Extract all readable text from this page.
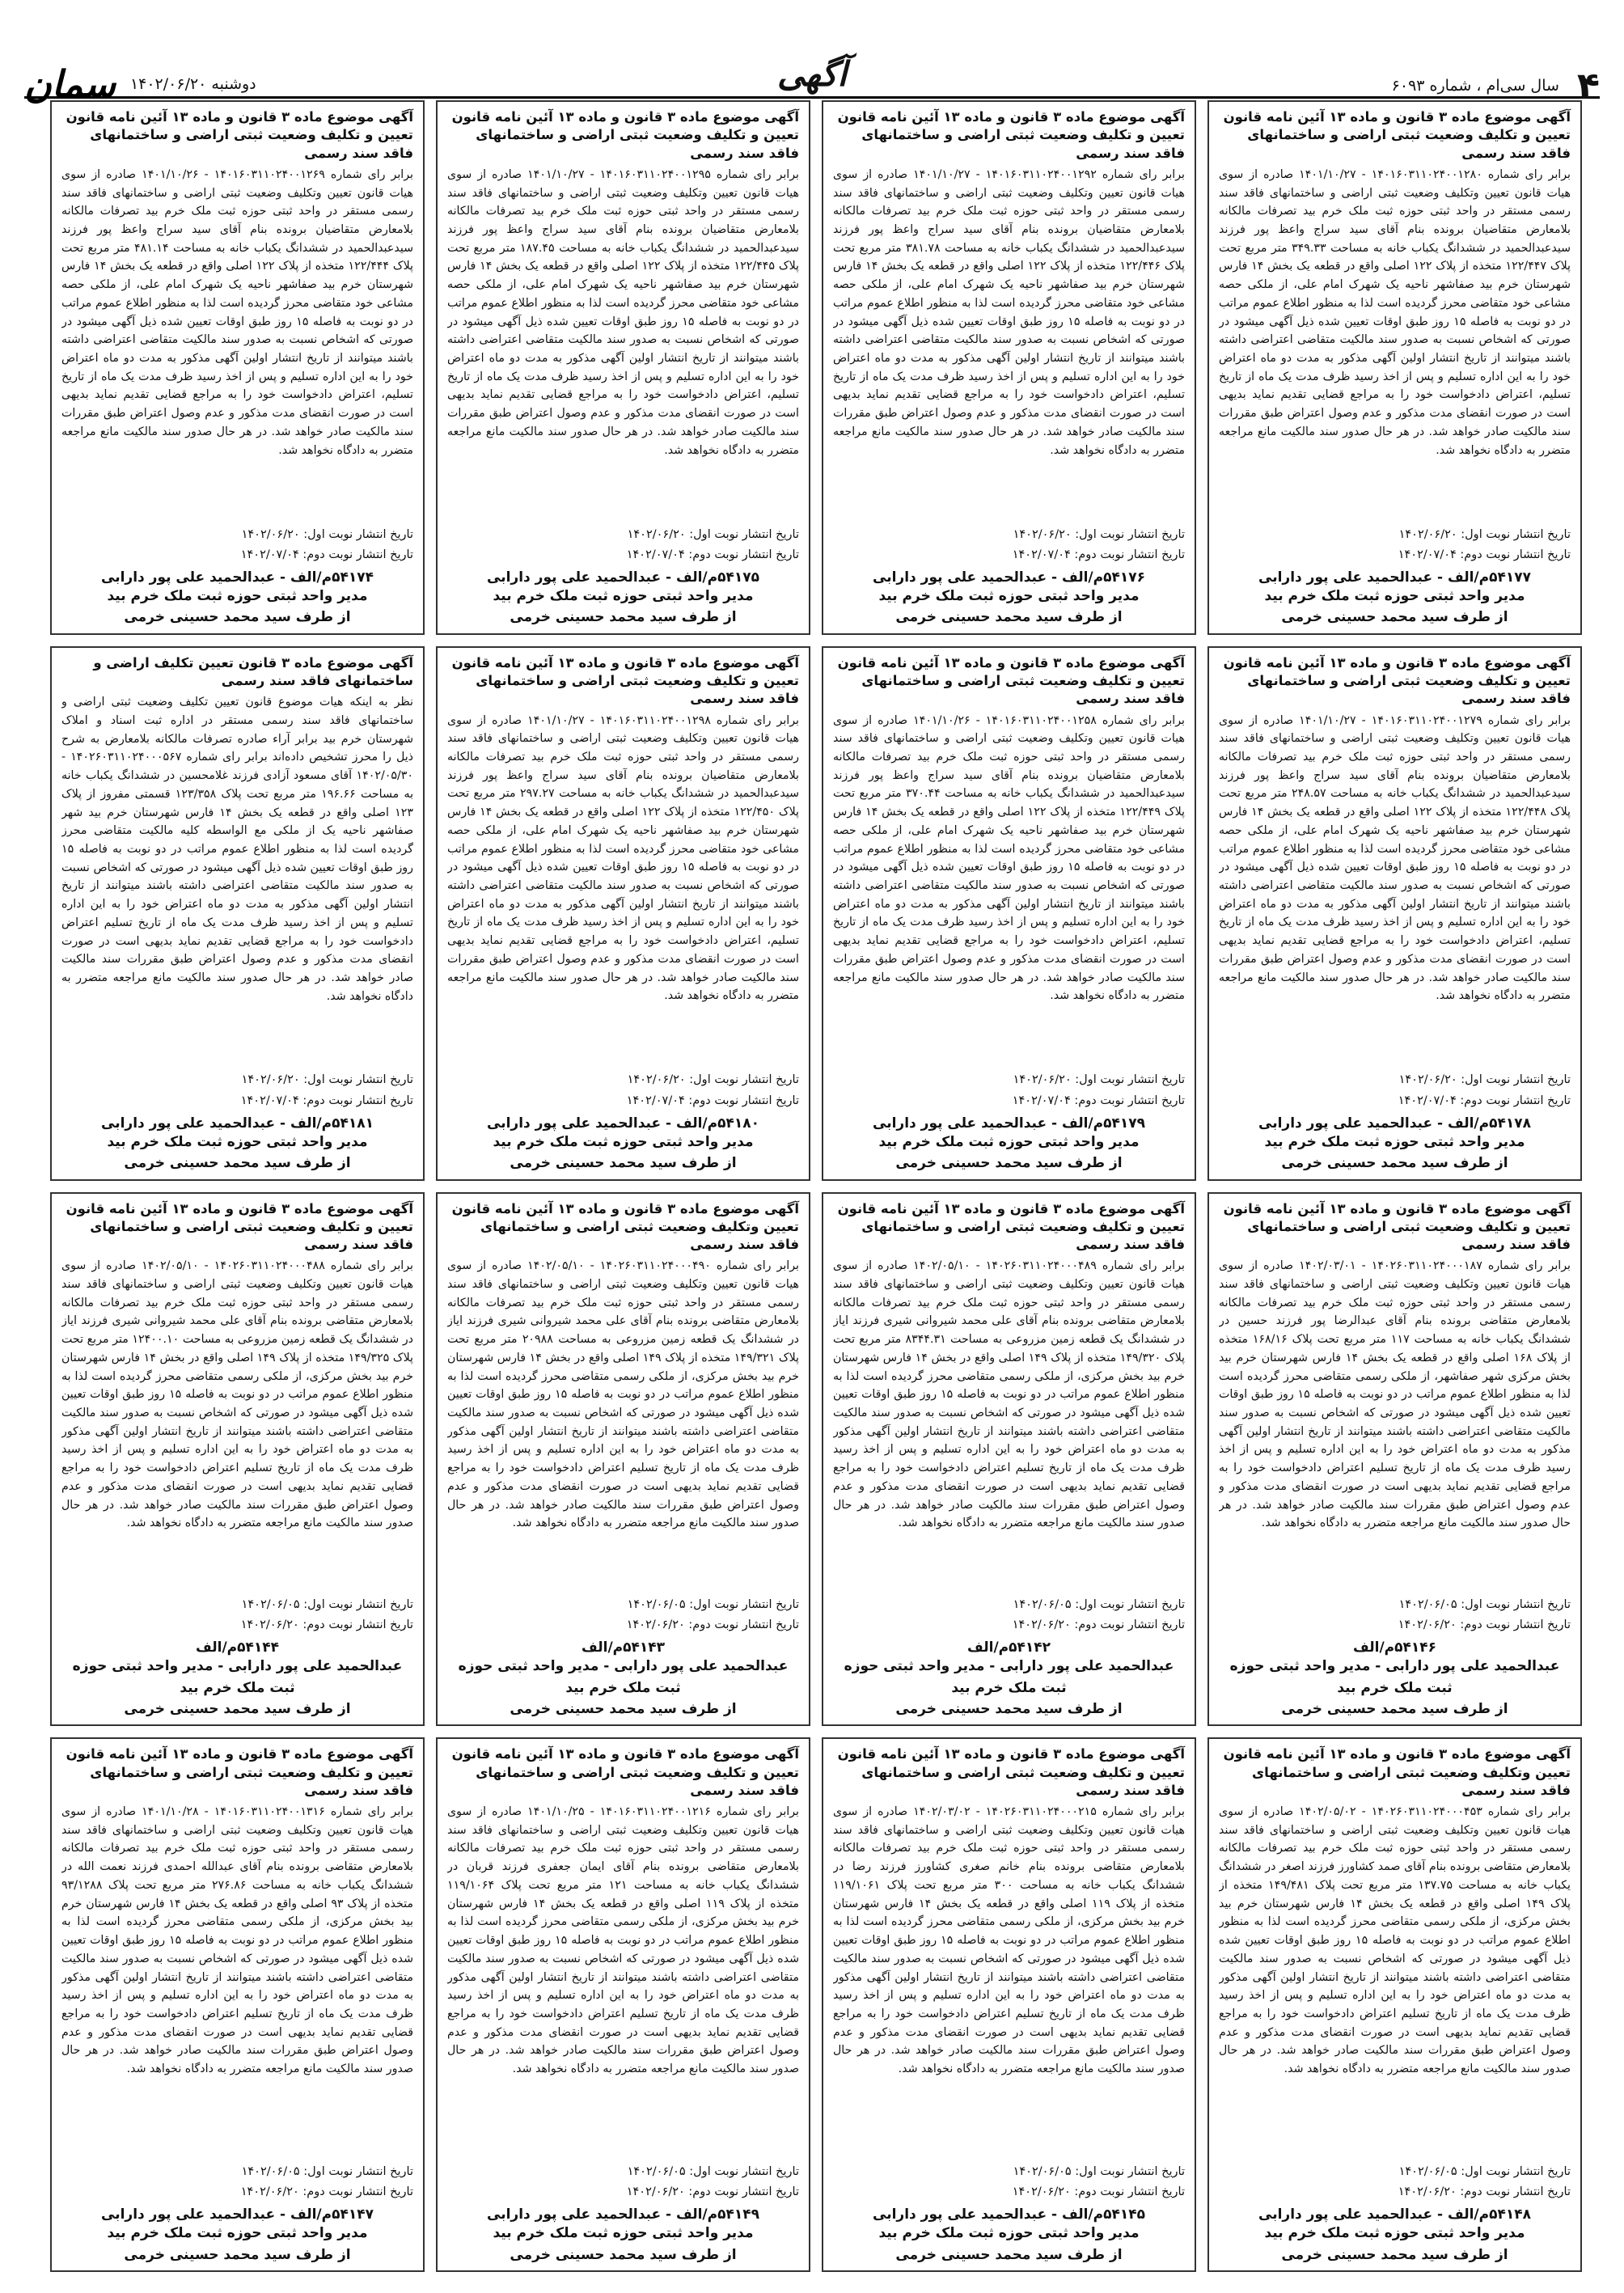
سمان دوشنبه ۱۴۰۲/۰۶/۲۰	آگهی	۴
سال سی‌ام ، شماره ۶۰۹۳
آگهی موضوع ماده ۳ قانون و ماده ۱۳ آئین نامه قانون تعیین و تکلیف وضعیت ثبتی اراضی و ساختمانهای فاقد سند رسمی
برابر رای شماره ۱۴۰۱۶۰۳۱۱۰۲۴۰۰۱۲۸۰ - ۱۴۰۱/۱۰/۲۷ صادره از سوی هیات قانون تعیین وتکلیف وضعیت ثبتی اراضی و ساختمانهای فاقد سند رسمی مستقر در واحد ثبتی حوزه ثبت ملک خرم بید تصرفات مالکانه بلامعارض متقاضیان برونده بنام آقای سید سراج واعظ پور فرزند سیدعبدالحمید در ششدانگ یکباب خانه به مساحت ۳۴۹.۳۳ متر مربع تحت پلاک ۱۲۲/۴۴۷ متخذه از پلاک ۱۲۲ اصلی واقع در قطعه یک بخش ۱۴ فارس شهرستان خرم بید صفاشهر ناحیه یک شهرک امام علی، از ملکی حصه مشاعی خود متقاضی محرز گردیده است لذا به منظور اطلاع عموم مراتب در دو نوبت به فاصله ۱۵ روز طبق اوقات تعیین شده ذیل آگهی میشود در صورتی که اشخاص نسبت به صدور سند مالکیت متقاضی اعتراضی داشته باشند میتوانند از تاریخ انتشار اولین آگهی مذکور به مدت دو ماه اعتراض خود را به این اداره تسلیم و پس از اخذ رسید ظرف مدت یک ماه از تاریخ تسلیم، اعتراض دادخواست خود را به مراجع قضایی تقدیم نماید بدیهی است در صورت انقضای مدت مذکور و عدم وصول اعتراض طبق مقررات سند مالکیت صادر خواهد شد. در هر حال صدور سند مالکیت مانع مراجعه متضرر به دادگاه نخواهد شد.
تاریخ انتشار نوبت اول: ۱۴۰۲/۰۶/۲۰
تاریخ انتشار نوبت دوم: ۱۴۰۲/۰۷/۰۴
۵۴۱۷۷م/الف - عبدالحمید علی پور دارابی
مدیر واحد ثبتی حوزه ثبت ملک خرم بید
از طرف سید محمد حسینی خرمی
آگهی موضوع ماده ۳ قانون و ماده ۱۳ آئین نامه قانون تعیین و تکلیف وضعیت ثبتی اراضی و ساختمانهای فاقد سند رسمی
برابر رای شماره ۱۴۰۱۶۰۳۱۱۰۲۴۰۰۱۲۹۲ - ۱۴۰۱/۱۰/۲۷ صادره از سوی هیات قانون تعیین وتکلیف وضعیت ثبتی اراضی و ساختمانهای فاقد سند رسمی مستقر در واحد ثبتی حوزه ثبت ملک خرم بید تصرفات مالکانه بلامعارض متقاضیان برونده بنام آقای سید سراج واعظ پور فرزند سیدعبدالحمید در ششدانگ یکباب خانه به مساحت ۳۸۱.۷۸ متر مربع تحت پلاک ۱۲۲/۴۴۶ متخذه از پلاک ۱۲۲ اصلی واقع در قطعه یک بخش ۱۴ فارس شهرستان خرم بید صفاشهر ناحیه یک شهرک امام علی، از ملکی حصه مشاعی خود متقاضی محرز گردیده است لذا به منظور اطلاع عموم مراتب در دو نوبت به فاصله ۱۵ روز طبق اوقات تعیین شده ذیل آگهی میشود در صورتی که اشخاص نسبت به صدور سند مالکیت متقاضی اعتراضی داشته باشند میتوانند از تاریخ انتشار اولین آگهی مذکور به مدت دو ماه اعتراض خود را به این اداره تسلیم و پس از اخذ رسید ظرف مدت یک ماه از تاریخ تسلیم، اعتراض دادخواست خود را به مراجع قضایی تقدیم نماید بدیهی است در صورت انقضای مدت مذکور و عدم وصول اعتراض طبق مقررات سند مالکیت صادر خواهد شد. در هر حال صدور سند مالکیت مانع مراجعه متضرر به دادگاه نخواهد شد.
تاریخ انتشار نوبت اول: ۱۴۰۲/۰۶/۲۰
تاریخ انتشار نوبت دوم: ۱۴۰۲/۰۷/۰۴
۵۴۱۷۶م/الف - عبدالحمید علی پور دارابی
مدیر واحد ثبتی حوزه ثبت ملک خرم بید
از طرف سید محمد حسینی خرمی
آگهی موضوع ماده ۳ قانون و ماده ۱۳ آئین نامه قانون تعیین و تکلیف وضعیت ثبتی اراضی و ساختمانهای فاقد سند رسمی
برابر رای شماره ۱۴۰۱۶۰۳۱۱۰۲۴۰۰۱۲۹۵ - ۱۴۰۱/۱۰/۲۷ صادره از سوی هیات قانون تعیین وتکلیف وضعیت ثبتی اراضی و ساختمانهای فاقد سند رسمی مستقر در واحد ثبتی حوزه ثبت ملک خرم بید تصرفات مالکانه بلامعارض متقاضیان برونده بنام آقای سید سراج واعظ پور فرزند سیدعبدالحمید در ششدانگ یکباب خانه به مساحت ۱۸۷.۴۵ متر مربع تحت پلاک ۱۲۲/۴۴۵ متخذه از پلاک ۱۲۲ اصلی واقع در قطعه یک بخش ۱۴ فارس شهرستان خرم بید صفاشهر ناحیه یک شهرک امام علی، از ملکی حصه مشاعی خود متقاضی محرز گردیده است لذا به منظور اطلاع عموم مراتب در دو نوبت به فاصله ۱۵ روز طبق اوقات تعیین شده ذیل آگهی میشود در صورتی که اشخاص نسبت به صدور سند مالکیت متقاضی اعتراضی داشته باشند میتوانند از تاریخ انتشار اولین آگهی مذکور به مدت دو ماه اعتراض خود را به این اداره تسلیم و پس از اخذ رسید ظرف مدت یک ماه از تاریخ تسلیم، اعتراض دادخواست خود را به مراجع قضایی تقدیم نماید بدیهی است در صورت انقضای مدت مذکور و عدم وصول اعتراض طبق مقررات سند مالکیت صادر خواهد شد. در هر حال صدور سند مالکیت مانع مراجعه متضرر به دادگاه نخواهد شد.
تاریخ انتشار نوبت اول: ۱۴۰۲/۰۶/۲۰
تاریخ انتشار نوبت دوم: ۱۴۰۲/۰۷/۰۴
۵۴۱۷۵م/الف - عبدالحمید علی پور دارابی
مدیر واحد ثبتی حوزه ثبت ملک خرم بید
از طرف سید محمد حسینی خرمی
آگهی موضوع ماده ۳ قانون و ماده ۱۳ آئین نامه قانون تعیین و تکلیف وضعیت ثبتی اراضی و ساختمانهای فاقد سند رسمی
برابر رای شماره ۱۴۰۱۶۰۳۱۱۰۲۴۰۰۱۲۶۹ - ۱۴۰۱/۱۰/۲۶ صادره از سوی هیات قانون تعیین وتکلیف وضعیت ثبتی اراضی و ساختمانهای فاقد سند رسمی مستقر در واحد ثبتی حوزه ثبت ملک خرم بید تصرفات مالکانه بلامعارض متقاضیان برونده بنام آقای سید سراج واعظ پور فرزند سیدعبدالحمید در ششدانگ یکباب خانه به مساحت ۴۸۱.۱۴ متر مربع تحت پلاک ۱۲۲/۴۴۴ متخذه از پلاک ۱۲۲ اصلی واقع در قطعه یک بخش ۱۴ فارس شهرستان خرم بید صفاشهر ناحیه یک شهرک امام علی، از ملکی حصه مشاعی خود متقاضی محرز گردیده است لذا به منظور اطلاع عموم مراتب در دو نوبت به فاصله ۱۵ روز طبق اوقات تعیین شده ذیل آگهی میشود در صورتی که اشخاص نسبت به صدور سند مالکیت متقاضی اعتراضی داشته باشند میتوانند از تاریخ انتشار اولین آگهی مذکور به مدت دو ماه اعتراض خود را به این اداره تسلیم و پس از اخذ رسید ظرف مدت یک ماه از تاریخ تسلیم، اعتراض دادخواست خود را به مراجع قضایی تقدیم نماید بدیهی است در صورت انقضای مدت مذکور و عدم وصول اعتراض طبق مقررات سند مالکیت صادر خواهد شد. در هر حال صدور سند مالکیت مانع مراجعه متضرر به دادگاه نخواهد شد.
تاریخ انتشار نوبت اول: ۱۴۰۲/۰۶/۲۰
تاریخ انتشار نوبت دوم: ۱۴۰۲/۰۷/۰۴
۵۴۱۷۴م/الف - عبدالحمید علی پور دارابی
مدیر واحد ثبتی حوزه ثبت ملک خرم بید
از طرف سید محمد حسینی خرمی
آگهی موضوع ماده ۳ قانون و ماده ۱۳ آئین نامه قانون تعیین و تکلیف وضعیت ثبتی اراضی و ساختمانهای فاقد سند رسمی
برابر رای شماره ۱۴۰۱۶۰۳۱۱۰۲۴۰۰۱۲۷۹ - ۱۴۰۱/۱۰/۲۷ صادره از سوی هیات قانون تعیین وتکلیف وضعیت ثبتی اراضی و ساختمانهای فاقد سند رسمی مستقر در واحد ثبتی حوزه ثبت ملک خرم بید تصرفات مالکانه بلامعارض متقاضیان برونده بنام آقای سید سراج واعظ پور فرزند سیدعبدالحمید در ششدانگ یکباب خانه به مساحت ۲۴۸.۵۷ متر مربع تحت پلاک ۱۲۲/۴۴۸ متخذه از پلاک ۱۲۲ اصلی واقع در قطعه یک بخش ۱۴ فارس شهرستان خرم بید صفاشهر ناحیه یک شهرک امام علی، از ملکی حصه مشاعی خود متقاضی محرز گردیده است لذا به منظور اطلاع عموم مراتب در دو نوبت به فاصله ۱۵ روز طبق اوقات تعیین شده ذیل آگهی میشود در صورتی که اشخاص نسبت به صدور سند مالکیت متقاضی اعتراضی داشته باشند میتوانند از تاریخ انتشار اولین آگهی مذکور به مدت دو ماه اعتراض خود را به این اداره تسلیم و پس از اخذ رسید ظرف مدت یک ماه از تاریخ تسلیم، اعتراض دادخواست خود را به مراجع قضایی تقدیم نماید بدیهی است در صورت انقضای مدت مذکور و عدم وصول اعتراض طبق مقررات سند مالکیت صادر خواهد شد. در هر حال صدور سند مالکیت مانع مراجعه متضرر به دادگاه نخواهد شد.
تاریخ انتشار نوبت اول: ۱۴۰۲/۰۶/۲۰
تاریخ انتشار نوبت دوم: ۱۴۰۲/۰۷/۰۴
۵۴۱۷۸م/الف - عبدالحمید علی پور دارابی
مدیر واحد ثبتی حوزه ثبت ملک خرم بید
از طرف سید محمد حسینی خرمی
آگهی موضوع ماده ۳ قانون و ماده ۱۳ آئین نامه قانون تعیین و تکلیف وضعیت ثبتی اراضی و ساختمانهای فاقد سند رسمی
برابر رای شماره ۱۴۰۱۶۰۳۱۱۰۲۴۰۰۱۲۵۸ - ۱۴۰۱/۱۰/۲۶ صادره از سوی هیات قانون تعیین وتکلیف وضعیت ثبتی اراضی و ساختمانهای فاقد سند رسمی مستقر در واحد ثبتی حوزه ثبت ملک خرم بید تصرفات مالکانه بلامعارض متقاضیان برونده بنام آقای سید سراج واعظ پور فرزند سیدعبدالحمید در ششدانگ یکباب خانه به مساحت ۳۷۰.۴۴ متر مربع تحت پلاک ۱۲۲/۴۴۹ متخذه از پلاک ۱۲۲ اصلی واقع در قطعه یک بخش ۱۴ فارس شهرستان خرم بید صفاشهر ناحیه یک شهرک امام علی، از ملکی حصه مشاعی خود متقاضی محرز گردیده است لذا به منظور اطلاع عموم مراتب در دو نوبت به فاصله ۱۵ روز طبق اوقات تعیین شده ذیل آگهی میشود در صورتی که اشخاص نسبت به صدور سند مالکیت متقاضی اعتراضی داشته باشند میتوانند از تاریخ انتشار اولین آگهی مذکور به مدت دو ماه اعتراض خود را به این اداره تسلیم و پس از اخذ رسید ظرف مدت یک ماه از تاریخ تسلیم، اعتراض دادخواست خود را به مراجع قضایی تقدیم نماید بدیهی است در صورت انقضای مدت مذکور و عدم وصول اعتراض طبق مقررات سند مالکیت صادر خواهد شد. در هر حال صدور سند مالکیت مانع مراجعه متضرر به دادگاه نخواهد شد.
تاریخ انتشار نوبت اول: ۱۴۰۲/۰۶/۲۰
تاریخ انتشار نوبت دوم: ۱۴۰۲/۰۷/۰۴
۵۴۱۷۹م/الف - عبدالحمید علی پور دارابی
مدیر واحد ثبتی حوزه ثبت ملک خرم بید
از طرف سید محمد حسینی خرمی
آگهی موضوع ماده ۳ قانون و ماده ۱۳ آئین نامه قانون تعیین و تکلیف وضعیت ثبتی اراضی و ساختمانهای فاقد سند رسمی
برابر رای شماره ۱۴۰۱۶۰۳۱۱۰۲۴۰۰۱۲۹۸ - ۱۴۰۱/۱۰/۲۷ صادره از سوی هیات قانون تعیین وتکلیف وضعیت ثبتی اراضی و ساختمانهای فاقد سند رسمی مستقر در واحد ثبتی حوزه ثبت ملک خرم بید تصرفات مالکانه بلامعارض متقاضیان برونده بنام آقای سید سراج واعظ پور فرزند سیدعبدالحمید در ششدانگ یکباب خانه به مساحت ۲۹۷.۲۷ متر مربع تحت پلاک ۱۲۲/۴۵۰ متخذه از پلاک ۱۲۲ اصلی واقع در قطعه یک بخش ۱۴ فارس شهرستان خرم بید صفاشهر ناحیه یک شهرک امام علی، از ملکی حصه مشاعی خود متقاضی محرز گردیده است لذا به منظور اطلاع عموم مراتب در دو نوبت به فاصله ۱۵ روز طبق اوقات تعیین شده ذیل آگهی میشود در صورتی که اشخاص نسبت به صدور سند مالکیت متقاضی اعتراضی داشته باشند میتوانند از تاریخ انتشار اولین آگهی مذکور به مدت دو ماه اعتراض خود را به این اداره تسلیم و پس از اخذ رسید ظرف مدت یک ماه از تاریخ تسلیم، اعتراض دادخواست خود را به مراجع قضایی تقدیم نماید بدیهی است در صورت انقضای مدت مذکور و عدم وصول اعتراض طبق مقررات سند مالکیت صادر خواهد شد. در هر حال صدور سند مالکیت مانع مراجعه متضرر به دادگاه نخواهد شد.
تاریخ انتشار نوبت اول: ۱۴۰۲/۰۶/۲۰
تاریخ انتشار نوبت دوم: ۱۴۰۲/۰۷/۰۴
۵۴۱۸۰م/الف - عبدالحمید علی پور دارابی
مدیر واحد ثبتی حوزه ثبت ملک خرم بید
از طرف سید محمد حسینی خرمی
آگهی موضوع ماده ۳ قانون تعیین تکلیف اراضی و ساختمانهای فاقد سند رسمی
نظر به اینکه هیات موضوع قانون تعیین تکلیف وضعیت ثبتی اراضی و ساختمانهای فاقد سند رسمی مستقر در اداره ثبت اسناد و املاک شهرستان خرم بید برابر آراء صادره تصرفات مالکانه بلامعارض به شرح ذیل را محرز تشخیص داده‌اند برابر رای شماره ۱۴۰۲۶۰۳۱۱۰۲۴۰۰۰۵۶۷ - ۱۴۰۲/۰۵/۳۰ آقای مسعود آزادی فرزند غلامحسین در ششدانگ یکباب خانه به مساحت ۱۹۶.۶۶ متر مربع تحت پلاک ۱۲۳/۳۵۸ قسمتی مفروز از پلاک ۱۲۳ اصلی واقع در قطعه یک بخش ۱۴ فارس شهرستان خرم بید شهر صفاشهر ناحیه یک از ملکی مع الواسطه کلیه مالکیت متقاضی محرز گردیده است لذا به منظور اطلاع عموم مراتب در دو نوبت به فاصله ۱۵ روز طبق اوقات تعیین شده ذیل آگهی میشود در صورتی که اشخاص نسبت به صدور سند مالکیت متقاضی اعتراضی داشته باشند میتوانند از تاریخ انتشار اولین آگهی مذکور به مدت دو ماه اعتراض خود را به این اداره تسلیم و پس از اخذ رسید ظرف مدت یک ماه از تاریخ تسلیم اعتراض دادخواست خود را به مراجع قضایی تقدیم نماید بدیهی است در صورت انقضای مدت مذکور و عدم وصول اعتراض طبق مقررات سند مالکیت صادر خواهد شد. در هر حال صدور سند مالکیت مانع مراجعه متضرر به دادگاه نخواهد شد.
تاریخ انتشار نوبت اول: ۱۴۰۲/۰۶/۲۰
تاریخ انتشار نوبت دوم: ۱۴۰۲/۰۷/۰۴
۵۴۱۸۱م/الف - عبدالحمید علی پور دارابی
مدیر واحد ثبتی حوزه ثبت ملک خرم بید
از طرف سید محمد حسینی خرمی
آگهی موضوع ماده ۳ قانون و ماده ۱۳ آئین نامه قانون تعیین و تکلیف وضعیت ثبتی اراضی و ساختمانهای فاقد سند رسمی
برابر رای شماره ۱۴۰۲۶۰۳۱۱۰۲۴۰۰۰۱۸۷ - ۱۴۰۲/۰۳/۰۱ صادره از سوی هیات قانون تعیین وتکلیف وضعیت ثبتی اراضی و ساختمانهای فاقد سند رسمی مستقر در واحد ثبتی حوزه ثبت ملک خرم بید تصرفات مالکانه بلامعارض متقاضی برونده بنام آقای عبدالرضا پور فرزند حسین در ششدانگ یکباب خانه به مساحت ۱۱۷ متر مربع تحت پلاک ۱۶۸/۱۶ متخذه از پلاک ۱۶۸ اصلی واقع در قطعه یک بخش ۱۴ فارس شهرستان خرم بید بخش مرکزی شهر صفاشهر، از ملکی رسمی متقاضی محرز گردیده است لذا به منظور اطلاع عموم مراتب در دو نوبت به فاصله ۱۵ روز طبق اوقات تعیین شده ذیل آگهی میشود در صورتی که اشخاص نسبت به صدور سند مالکیت متقاضی اعتراضی داشته باشند میتوانند از تاریخ انتشار اولین آگهی مذکور به مدت دو ماه اعتراض خود را به این اداره تسلیم و پس از اخذ رسید ظرف مدت یک ماه از تاریخ تسلیم اعتراض دادخواست خود را به مراجع قضایی تقدیم نماید بدیهی است در صورت انقضای مدت مذکور و عدم وصول اعتراض طبق مقررات سند مالکیت صادر خواهد شد. در هر حال صدور سند مالکیت مانع مراجعه متضرر به دادگاه نخواهد شد.
تاریخ انتشار نوبت اول: ۱۴۰۲/۰۶/۰۵
تاریخ انتشار نوبت دوم: ۱۴۰۲/۰۶/۲۰
۵۴۱۴۶م/الف
عبدالحمید علی پور دارابی - مدیر واحد ثبتی حوزه ثبت ملک خرم بید
از طرف سید محمد حسینی خرمی
آگهی موضوع ماده ۳ قانون و ماده ۱۳ آئین نامه قانون تعیین و تکلیف وضعیت ثبتی اراضی و ساختمانهای فاقد سند رسمی
برابر رای شماره ۱۴۰۲۶۰۳۱۱۰۲۴۰۰۰۴۸۹ - ۱۴۰۲/۰۵/۱۰ صادره از سوی هیات قانون تعیین وتکلیف وضعیت ثبتی اراضی و ساختمانهای فاقد سند رسمی مستقر در واحد ثبتی حوزه ثبت ملک خرم بید تصرفات مالکانه بلامعارض متقاضی برونده بنام آقای علی محمد شیروانی شیری فرزند ایاز در ششدانگ یک قطعه زمین مزروعی به مساحت ۸۳۴۴.۳۱ متر مربع تحت پلاک ۱۴۹/۳۲۰ متخذه از پلاک ۱۴۹ اصلی واقع در بخش ۱۴ فارس شهرستان خرم بید بخش مرکزی، از ملکی رسمی متقاضی محرز گردیده است لذا به منظور اطلاع عموم مراتب در دو نوبت به فاصله ۱۵ روز طبق اوقات تعیین شده ذیل آگهی میشود در صورتی که اشخاص نسبت به صدور سند مالکیت متقاضی اعتراضی داشته باشند میتوانند از تاریخ انتشار اولین آگهی مذکور به مدت دو ماه اعتراض خود را به این اداره تسلیم و پس از اخذ رسید ظرف مدت یک ماه از تاریخ تسلیم اعتراض دادخواست خود را به مراجع قضایی تقدیم نماید بدیهی است در صورت انقضای مدت مذکور و عدم وصول اعتراض طبق مقررات سند مالکیت صادر خواهد شد. در هر حال صدور سند مالکیت مانع مراجعه متضرر به دادگاه نخواهد شد.
تاریخ انتشار نوبت اول: ۱۴۰۲/۰۶/۰۵
تاریخ انتشار نوبت دوم: ۱۴۰۲/۰۶/۲۰
۵۴۱۴۲م/الف
عبدالحمید علی پور دارابی - مدیر واحد ثبتی حوزه ثبت ملک خرم بید
از طرف سید محمد حسینی خرمی
آگهی موضوع ماده ۳ قانون و ماده ۱۳ آئین نامه قانون تعیین وتکلیف وضعیت ثبتی اراضی و ساختمانهای فاقد سند رسمی
برابر رای شماره ۱۴۰۲۶۰۳۱۱۰۲۴۰۰۰۴۹۰ - ۱۴۰۲/۰۵/۱۰ صادره از سوی هیات قانون تعیین وتکلیف وضعیت ثبتی اراضی و ساختمانهای فاقد سند رسمی مستقر در واحد ثبتی حوزه ثبت ملک خرم بید تصرفات مالکانه بلامعارض متقاضی برونده بنام آقای علی محمد شیروانی شیری فرزند ایاز در ششدانگ یک قطعه زمین مزروعی به مساحت ۲۰۹۸۸ متر مربع تحت پلاک ۱۴۹/۳۲۱ متخذه از پلاک ۱۴۹ اصلی واقع در بخش ۱۴ فارس شهرستان خرم بید بخش مرکزی، از ملکی رسمی متقاضی محرز گردیده است لذا به منظور اطلاع عموم مراتب در دو نوبت به فاصله ۱۵ روز طبق اوقات تعیین شده ذیل آگهی میشود در صورتی که اشخاص نسبت به صدور سند مالکیت متقاضی اعتراضی داشته باشند میتوانند از تاریخ انتشار اولین آگهی مذکور به مدت دو ماه اعتراض خود را به این اداره تسلیم و پس از اخذ رسید ظرف مدت یک ماه از تاریخ تسلیم اعتراض دادخواست خود را به مراجع قضایی تقدیم نماید بدیهی است در صورت انقضای مدت مذکور و عدم وصول اعتراض طبق مقررات سند مالکیت صادر خواهد شد. در هر حال صدور سند مالکیت مانع مراجعه متضرر به دادگاه نخواهد شد.
تاریخ انتشار نوبت اول: ۱۴۰۲/۰۶/۰۵
تاریخ انتشار نوبت دوم: ۱۴۰۲/۰۶/۲۰
۵۴۱۴۳م/الف
عبدالحمید علی پور دارابی - مدیر واحد ثبتی حوزه ثبت ملک خرم بید
از طرف سید محمد حسینی خرمی
آگهی موضوع ماده ۳ قانون و ماده ۱۳ آئین نامه قانون تعیین و تکلیف وضعیت ثبتی اراضی و ساختمانهای فاقد سند رسمی
برابر رای شماره ۱۴۰۲۶۰۳۱۱۰۲۴۰۰۰۴۸۸ - ۱۴۰۲/۰۵/۱۰ صادره از سوی هیات قانون تعیین وتکلیف وضعیت ثبتی اراضی و ساختمانهای فاقد سند رسمی مستقر در واحد ثبتی حوزه ثبت ملک خرم بید تصرفات مالکانه بلامعارض متقاضی برونده بنام آقای علی محمد شیروانی شیری فرزند ایاز در ششدانگ یک قطعه زمین مزروعی به مساحت ۱۲۴۰۰.۱۰ متر مربع تحت پلاک ۱۴۹/۳۲۵ متخذه از پلاک ۱۴۹ اصلی واقع در بخش ۱۴ فارس شهرستان خرم بید بخش مرکزی، از ملکی رسمی متقاضی محرز گردیده است لذا به منظور اطلاع عموم مراتب در دو نوبت به فاصله ۱۵ روز طبق اوقات تعیین شده ذیل آگهی میشود در صورتی که اشخاص نسبت به صدور سند مالکیت متقاضی اعتراضی داشته باشند میتوانند از تاریخ انتشار اولین آگهی مذکور به مدت دو ماه اعتراض خود را به این اداره تسلیم و پس از اخذ رسید ظرف مدت یک ماه از تاریخ تسلیم اعتراض دادخواست خود را به مراجع قضایی تقدیم نماید بدیهی است در صورت انقضای مدت مذکور و عدم وصول اعتراض طبق مقررات سند مالکیت صادر خواهد شد. در هر حال صدور سند مالکیت مانع مراجعه متضرر به دادگاه نخواهد شد.
تاریخ انتشار نوبت اول: ۱۴۰۲/۰۶/۰۵
تاریخ انتشار نوبت دوم: ۱۴۰۲/۰۶/۲۰
۵۴۱۴۴م/الف
عبدالحمید علی پور دارابی - مدیر واحد ثبتی حوزه ثبت ملک خرم بید
از طرف سید محمد حسینی خرمی
آگهی موضوع ماده ۳ قانون و ماده ۱۳ آئین نامه قانون تعیین وتکلیف وضعیت ثبتی اراضی و ساختمانهای فاقد سند رسمی
برابر رای شماره ۱۴۰۲۶۰۳۱۱۰۲۴۰۰۰۴۵۳ - ۱۴۰۲/۰۵/۰۲ صادره از سوی هیات قانون تعیین وتکلیف وضعیت ثبتی اراضی و ساختمانهای فاقد سند رسمی مستقر در واحد ثبتی حوزه ثبت ملک خرم بید تصرفات مالکانه بلامعارض متقاضی برونده بنام آقای صمد کشاورز فرزند اصغر در ششدانگ یکباب خانه به مساحت ۱۳۷.۷۵ متر مربع تحت پلاک ۱۴۹/۴۸۱ متخذه از پلاک ۱۴۹ اصلی واقع در قطعه یک بخش ۱۴ فارس شهرستان خرم بید بخش مرکزی، از ملکی رسمی متقاضی محرز گردیده است لذا به منظور اطلاع عموم مراتب در دو نوبت به فاصله ۱۵ روز طبق اوقات تعیین شده ذیل آگهی میشود در صورتی که اشخاص نسبت به صدور سند مالکیت متقاضی اعتراضی داشته باشند میتوانند از تاریخ انتشار اولین آگهی مذکور به مدت دو ماه اعتراض خود را به این اداره تسلیم و پس از اخذ رسید ظرف مدت یک ماه از تاریخ تسلیم اعتراض دادخواست خود را به مراجع قضایی تقدیم نماید بدیهی است در صورت انقضای مدت مذکور و عدم وصول اعتراض طبق مقررات سند مالکیت صادر خواهد شد. در هر حال صدور سند مالکیت مانع مراجعه متضرر به دادگاه نخواهد شد.
تاریخ انتشار نوبت اول: ۱۴۰۲/۰۶/۰۵
تاریخ انتشار نوبت دوم: ۱۴۰۲/۰۶/۲۰
۵۴۱۴۸م/الف - عبدالحمید علی پور دارابی
مدیر واحد ثبتی حوزه ثبت ملک خرم بید
از طرف سید محمد حسینی خرمی
آگهی موضوع ماده ۳ قانون و ماده ۱۳ آئین نامه قانون تعیین و تکلیف وضعیت ثبتی اراضی و ساختمانهای فاقد سند رسمی
برابر رای شماره ۱۴۰۲۶۰۳۱۱۰۲۴۰۰۰۲۱۵ - ۱۴۰۲/۰۳/۰۲ صادره از سوی هیات قانون تعیین وتکلیف وضعیت ثبتی اراضی و ساختمانهای فاقد سند رسمی مستقر در واحد ثبتی حوزه ثبت ملک خرم بید تصرفات مالکانه بلامعارض متقاضی برونده بنام خانم صغری کشاورز فرزند رضا در ششدانگ یکباب خانه به مساحت ۳۰۰ متر مربع تحت پلاک ۱۱۹/۱۰۶۱ متخذه از پلاک ۱۱۹ اصلی واقع در قطعه یک بخش ۱۴ فارس شهرستان خرم بید بخش مرکزی، از ملکی رسمی متقاضی محرز گردیده است لذا به منظور اطلاع عموم مراتب در دو نوبت به فاصله ۱۵ روز طبق اوقات تعیین شده ذیل آگهی میشود در صورتی که اشخاص نسبت به صدور سند مالکیت متقاضی اعتراضی داشته باشند میتوانند از تاریخ انتشار اولین آگهی مذکور به مدت دو ماه اعتراض خود را به این اداره تسلیم و پس از اخذ رسید ظرف مدت یک ماه از تاریخ تسلیم اعتراض دادخواست خود را به مراجع قضایی تقدیم نماید بدیهی است در صورت انقضای مدت مذکور و عدم وصول اعتراض طبق مقررات سند مالکیت صادر خواهد شد. در هر حال صدور سند مالکیت مانع مراجعه متضرر به دادگاه نخواهد شد.
تاریخ انتشار نوبت اول: ۱۴۰۲/۰۶/۰۵
تاریخ انتشار نوبت دوم: ۱۴۰۲/۰۶/۲۰
۵۴۱۴۵م/الف - عبدالحمید علی پور دارابی
مدیر واحد ثبتی حوزه ثبت ملک خرم بید
از طرف سید محمد حسینی خرمی
آگهی موضوع ماده ۳ قانون و ماده ۱۳ آئین نامه قانون تعیین و تکلیف وضعیت ثبتی اراضی و ساختمانهای فاقد سند رسمی
برابر رای شماره ۱۴۰۱۶۰۳۱۱۰۲۴۰۰۱۲۱۶ - ۱۴۰۱/۱۰/۲۵ صادره از سوی هیات قانون تعیین وتکلیف وضعیت ثبتی اراضی و ساختمانهای فاقد سند رسمی مستقر در واحد ثبتی حوزه ثبت ملک خرم بید تصرفات مالکانه بلامعارض متقاضی برونده بنام آقای ایمان جعفری فرزند قربان در ششدانگ یکباب خانه به مساحت ۱۲۱ متر مربع تحت پلاک ۱۱۹/۱۰۶۴ متخذه از پلاک ۱۱۹ اصلی واقع در قطعه یک بخش ۱۴ فارس شهرستان خرم بید بخش مرکزی، از ملکی رسمی متقاضی محرز گردیده است لذا به منظور اطلاع عموم مراتب در دو نوبت به فاصله ۱۵ روز طبق اوقات تعیین شده ذیل آگهی میشود در صورتی که اشخاص نسبت به صدور سند مالکیت متقاضی اعتراضی داشته باشند میتوانند از تاریخ انتشار اولین آگهی مذکور به مدت دو ماه اعتراض خود را به این اداره تسلیم و پس از اخذ رسید ظرف مدت یک ماه از تاریخ تسلیم اعتراض دادخواست خود را به مراجع قضایی تقدیم نماید بدیهی است در صورت انقضای مدت مذکور و عدم وصول اعتراض طبق مقررات سند مالکیت صادر خواهد شد. در هر حال صدور سند مالکیت مانع مراجعه متضرر به دادگاه نخواهد شد.
تاریخ انتشار نوبت اول: ۱۴۰۲/۰۶/۰۵
تاریخ انتشار نوبت دوم: ۱۴۰۲/۰۶/۲۰
۵۴۱۴۹م/الف - عبدالحمید علی پور دارابی
مدیر واحد ثبتی حوزه ثبت ملک خرم بید
از طرف سید محمد حسینی خرمی
آگهی موضوع ماده ۳ قانون و ماده ۱۳ آئین نامه قانون تعیین و تکلیف وضعیت ثبتی اراضی و ساختمانهای فاقد سند رسمی
برابر رای شماره ۱۴۰۱۶۰۳۱۱۰۲۴۰۰۱۳۱۶ - ۱۴۰۱/۱۰/۲۸ صادره از سوی هیات قانون تعیین وتکلیف وضعیت ثبتی اراضی و ساختمانهای فاقد سند رسمی مستقر در واحد ثبتی حوزه ثبت ملک خرم بید تصرفات مالکانه بلامعارض متقاضی برونده بنام آقای عبدالله احمدی فرزند نعمت الله در ششدانگ یکباب خانه به مساحت ۲۷۶.۸۶ متر مربع تحت پلاک ۹۳/۱۲۸۸ متخذه از پلاک ۹۳ اصلی واقع در قطعه یک بخش ۱۴ فارس شهرستان خرم بید بخش مرکزی، از ملکی رسمی متقاضی محرز گردیده است لذا به منظور اطلاع عموم مراتب در دو نوبت به فاصله ۱۵ روز طبق اوقات تعیین شده ذیل آگهی میشود در صورتی که اشخاص نسبت به صدور سند مالکیت متقاضی اعتراضی داشته باشند میتوانند از تاریخ انتشار اولین آگهی مذکور به مدت دو ماه اعتراض خود را به این اداره تسلیم و پس از اخذ رسید ظرف مدت یک ماه از تاریخ تسلیم اعتراض دادخواست خود را به مراجع قضایی تقدیم نماید بدیهی است در صورت انقضای مدت مذکور و عدم وصول اعتراض طبق مقررات سند مالکیت صادر خواهد شد. در هر حال صدور سند مالکیت مانع مراجعه متضرر به دادگاه نخواهد شد.
تاریخ انتشار نوبت اول: ۱۴۰۲/۰۶/۰۵
تاریخ انتشار نوبت دوم: ۱۴۰۲/۰۶/۲۰
۵۴۱۴۷م/الف - عبدالحمید علی پور دارابی
مدیر واحد ثبتی حوزه ثبت ملک خرم بید
از طرف سید محمد حسینی خرمی
